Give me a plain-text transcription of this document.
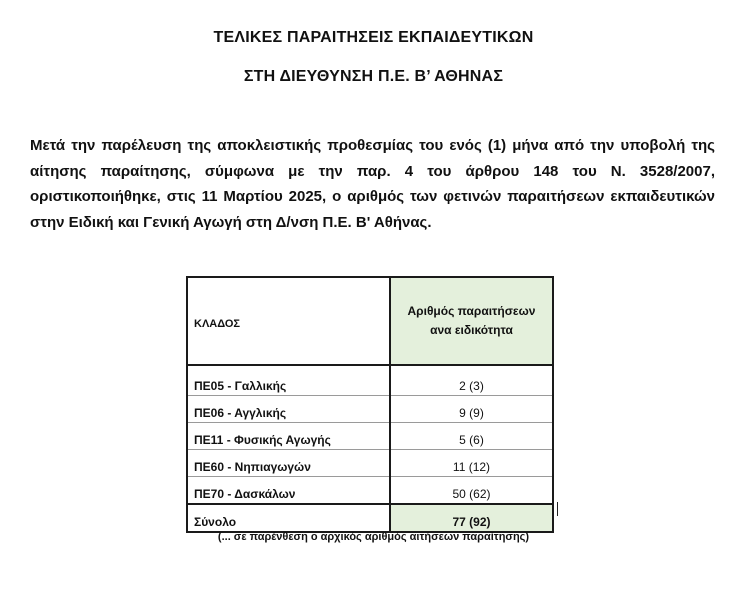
ΤΕΛΙΚΕΣ ΠΑΡΑΙΤΗΣΕΙΣ ΕΚΠΑΙΔΕΥΤΙΚΩΝ
ΣΤΗ ΔΙΕΥΘΥΝΣΗ Π.Ε. Β’ ΑΘΗΝΑΣ
Μετά την παρέλευση της αποκλειστικής προθεσμίας του ενός (1) μήνα από την υποβολή της αίτησης παραίτησης, σύμφωνα με την παρ. 4 του άρθρου 148 του Ν. 3528/2007, οριστικοποιήθηκε, στις 11 Μαρτίου 2025, ο αριθμός των φετινών παραιτήσεων εκπαιδευτικών στην Ειδική και Γενική Αγωγή στη Δ/νση Π.Ε. Β' Αθήνας.
ΚΛΑΔΟΣ	Αριθμός παραιτήσεων
ανα ειδικότητα

ΠΕ05 - Γαλλικής	2 (3)
ΠΕ06 - Αγγλικής	9 (9)
ΠΕ11 - Φυσικής Αγωγής	5 (6)
ΠΕ60 - Νηπιαγωγών	11 (12)
ΠΕ70 - Δασκάλων	50 (62)
Σύνολο	77 (92)
(... σε παρένθεση ο αρχικός αριθμός αιτήσεων παραίτησης)
